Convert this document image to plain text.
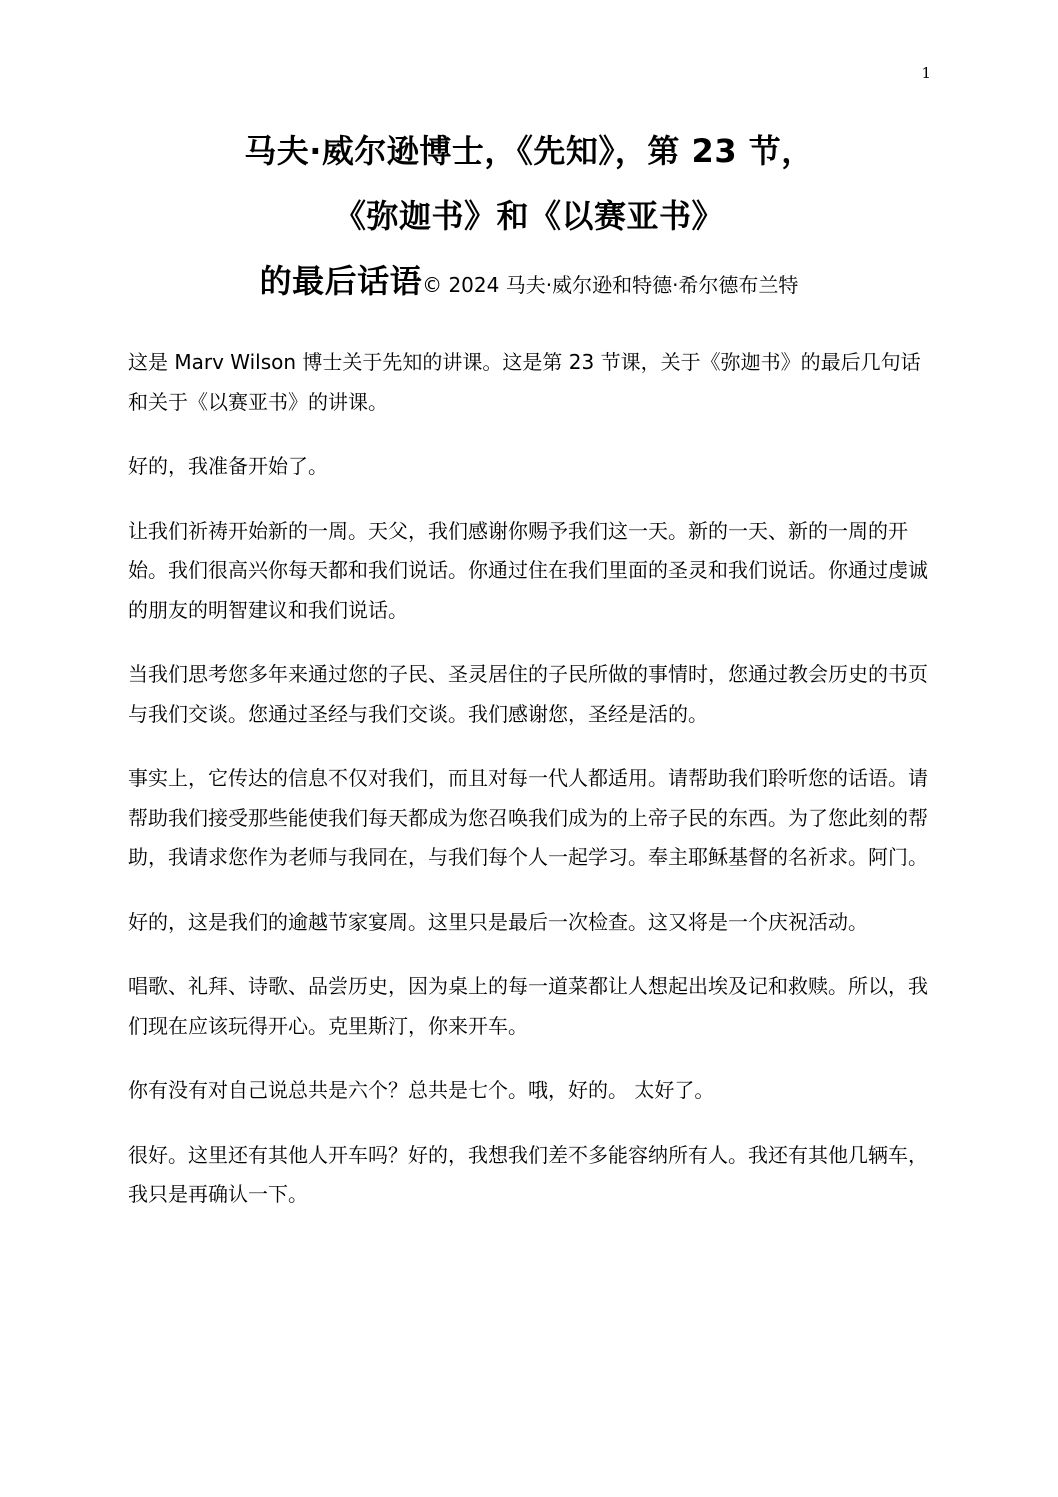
1
马夫·威尔逊博士，《先知》，第 23 节，
《弥迦书》和《以赛亚书》
的最后话语© 2024 马夫·威尔逊和特德·希尔德布兰特

这是 Marv Wilson 博士关于先知的讲课。这是第 23 节课，关于《弥迦书》的最后几句话和关于《以赛亚书》的讲课。

好的，我准备开始了。

让我们祈祷开始新的一周。天父，我们感谢你赐予我们这一天。新的一天、新的一周的开始。我们很高兴你每天都和我们说话。你通过住在我们里面的圣灵和我们说话。你通过虔诚的朋友的明智建议和我们说话。

当我们思考您多年来通过您的子民、圣灵居住的子民所做的事情时，您通过教会历史的书页与我们交谈。您通过圣经与我们交谈。我们感谢您，圣经是活的。

事实上，它传达的信息不仅对我们，而且对每一代人都适用。请帮助我们聆听您的话语。请帮助我们接受那些能使我们每天都成为您召唤我们成为的上帝子民的东西。为了您此刻的帮助，我请求您作为老师与我同在，与我们每个人一起学习。奉主耶稣基督的名祈求。阿门。

好的，这是我们的逾越节家宴周。这里只是最后一次检查。这又将是一个庆祝活动。

唱歌、礼拜、诗歌、品尝历史，因为桌上的每一道菜都让人想起出埃及记和救赎。所以，我们现在应该玩得开心。克里斯汀，你来开车。

你有没有对自己说总共是六个？总共是七个。哦，好的。 太好了。

很好。这里还有其他人开车吗？好的，我想我们差不多能容纳所有人。我还有其他几辆车，我只是再确认一下。
